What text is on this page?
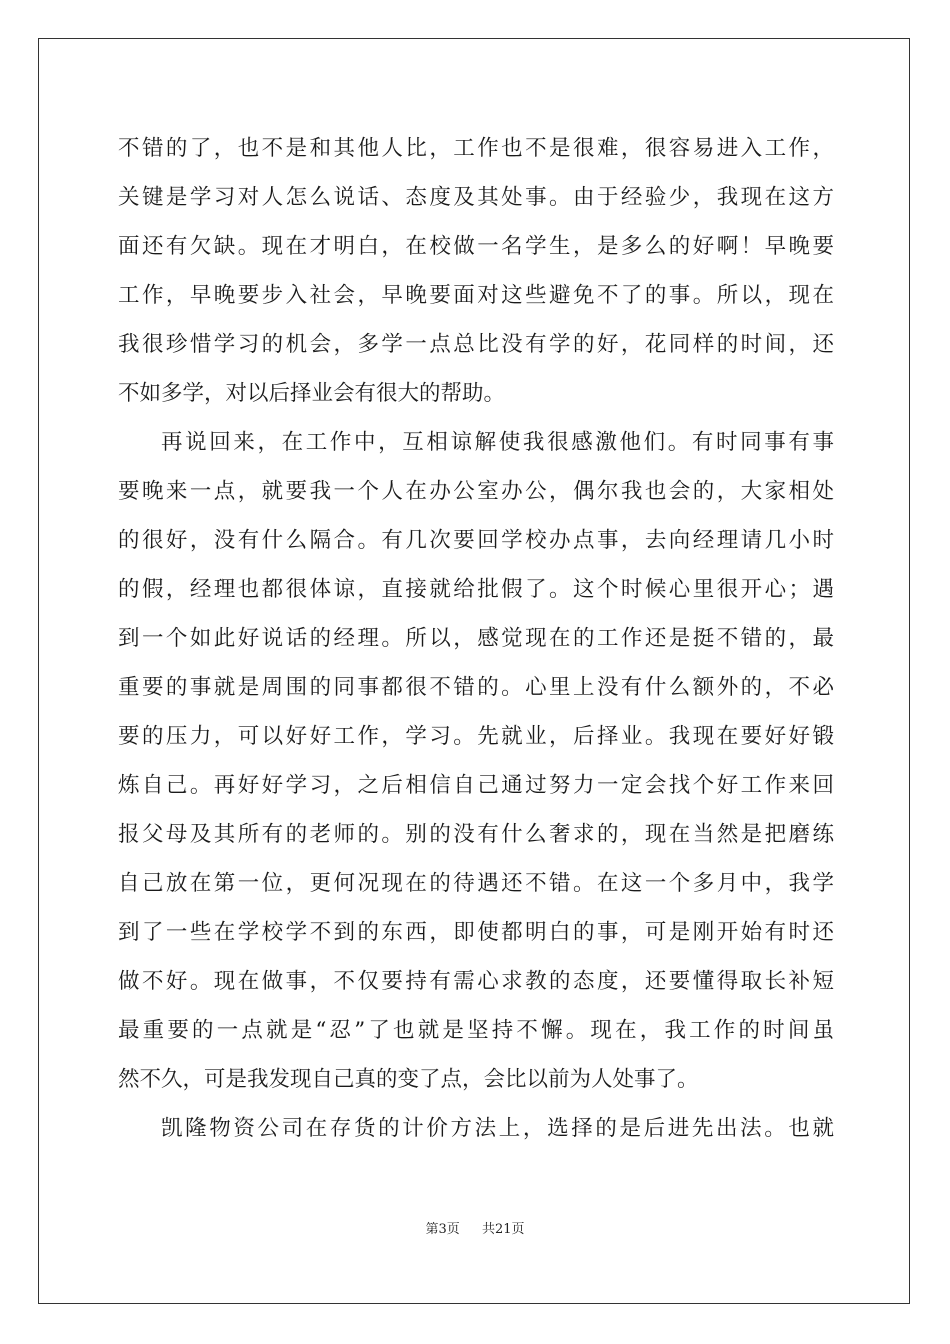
不错的了，也不是和其他人比，工作也不是很难，很容易进入工作，
关键是学习对人怎么说话、态度及其处事。由于经验少，我现在这方
面还有欠缺。现在才明白，在校做一名学生，是多么的好啊！早晚要
工作，早晚要步入社会，早晚要面对这些避免不了的事。所以，现在
我很珍惜学习的机会，多学一点总比没有学的好，花同样的时间，还
不如多学，对以后择业会有很大的帮助。
再说回来，在工作中，互相谅解使我很感激他们。有时同事有事
要晚来一点，就要我一个人在办公室办公，偶尔我也会的，大家相处
的很好，没有什么隔合。有几次要回学校办点事，去向经理请几小时
的假，经理也都很体谅，直接就给批假了。这个时候心里很开心；遇
到一个如此好说话的经理。所以，感觉现在的工作还是挺不错的，最
重要的事就是周围的同事都很不错的。心里上没有什么额外的，不必
要的压力，可以好好工作，学习。先就业，后择业。我现在要好好锻
炼自己。再好好学习，之后相信自己通过努力一定会找个好工作来回
报父母及其所有的老师的。别的没有什么奢求的，现在当然是把磨练
自己放在第一位，更何况现在的待遇还不错。在这一个多月中，我学
到了一些在学校学不到的东西，即使都明白的事，可是刚开始有时还
做不好。现在做事，不仅要持有需心求教的态度，还要懂得取长补短
最重要的一点就是“忍”了也就是坚持不懈。现在，我工作的时间虽
然不久，可是我发现自己真的变了点，会比以前为人处事了。
凯隆物资公司在存货的计价方法上，选择的是后进先出法。也就
第3页 共21页
